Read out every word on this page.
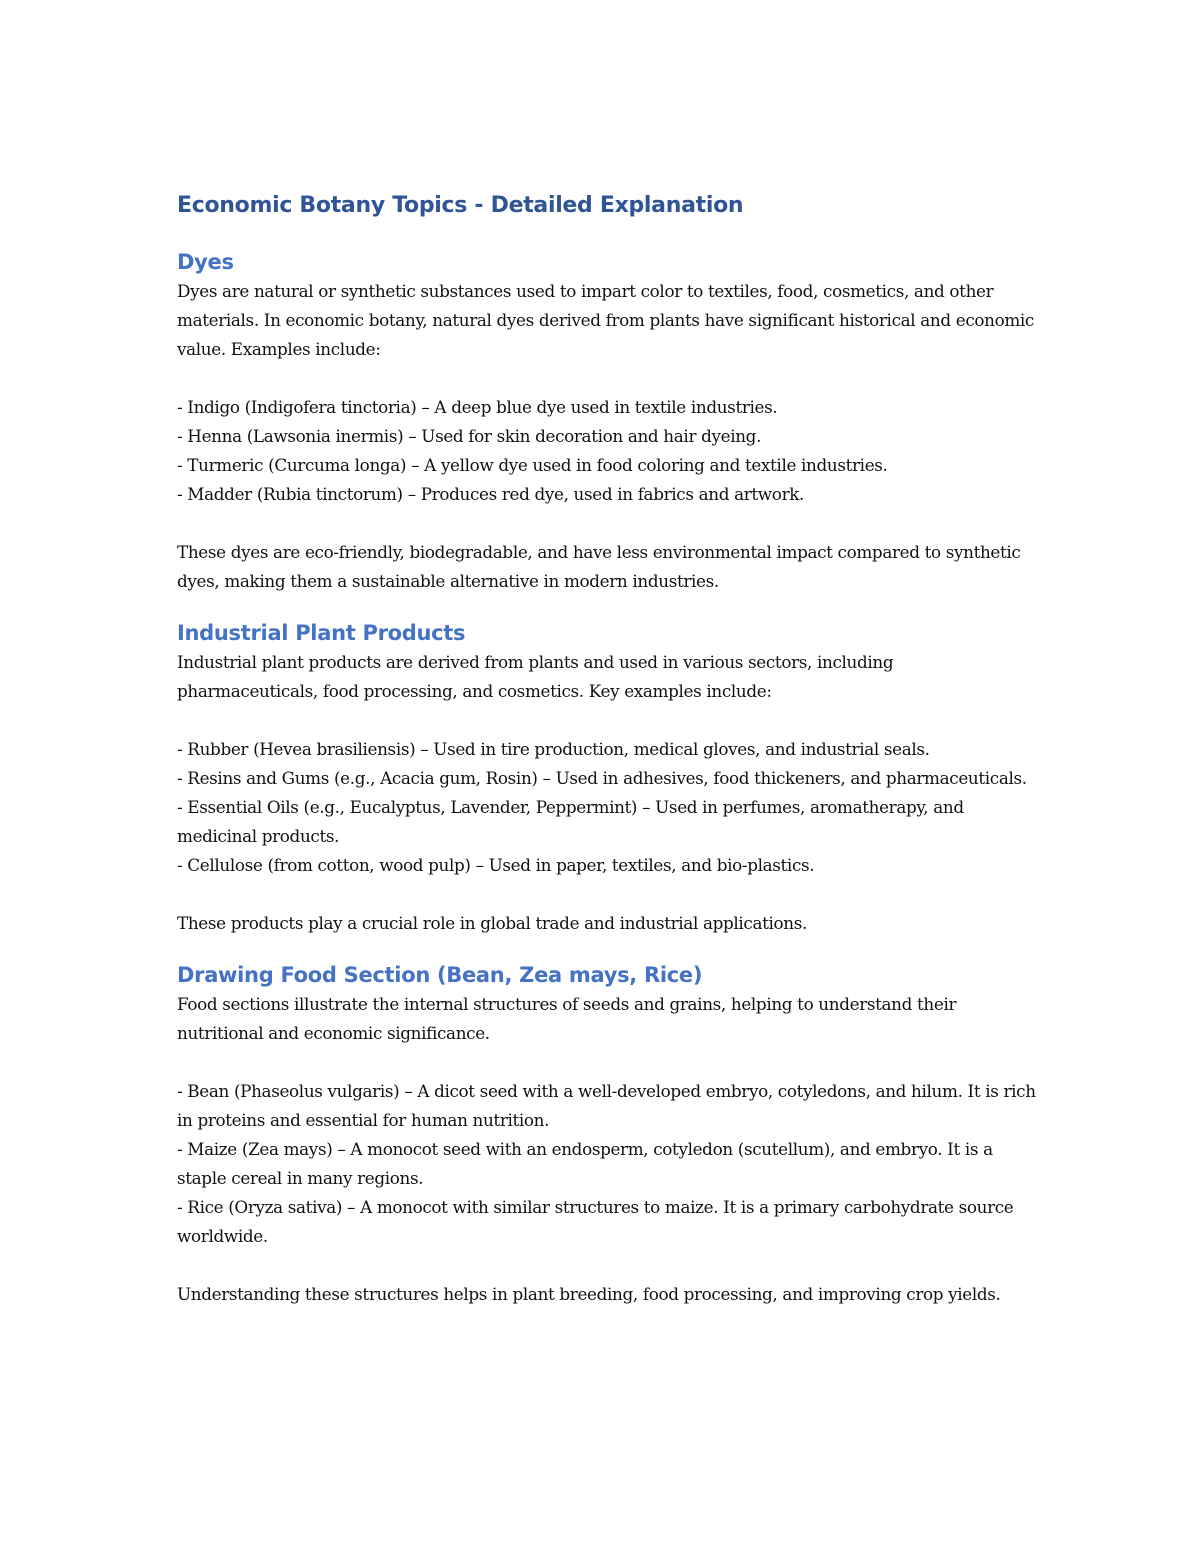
Economic Botany Topics - Detailed Explanation
Dyes

Dyes are natural or synthetic substances used to impart color to textiles, food, cosmetics, and other materials. In economic botany, natural dyes derived from plants have significant historical and economic value. Examples include:

- Indigo (Indigofera tinctoria) – A deep blue dye used in textile industries.
- Henna (Lawsonia inermis) – Used for skin decoration and hair dyeing.
- Turmeric (Curcuma longa) – A yellow dye used in food coloring and textile industries.
- Madder (Rubia tinctorum) – Produces red dye, used in fabrics and artwork.

These dyes are eco-friendly, biodegradable, and have less environmental impact compared to synthetic dyes, making them a sustainable alternative in modern industries.

Industrial Plant Products

Industrial plant products are derived from plants and used in various sectors, including pharmaceuticals, food processing, and cosmetics. Key examples include:

- Rubber (Hevea brasiliensis) – Used in tire production, medical gloves, and industrial seals.
- Resins and Gums (e.g., Acacia gum, Rosin) – Used in adhesives, food thickeners, and pharmaceuticals.
- Essential Oils (e.g., Eucalyptus, Lavender, Peppermint) – Used in perfumes, aromatherapy, and medicinal products.
- Cellulose (from cotton, wood pulp) – Used in paper, textiles, and bio-plastics.

These products play a crucial role in global trade and industrial applications.

Drawing Food Section (Bean, Zea mays, Rice)

Food sections illustrate the internal structures of seeds and grains, helping to understand their nutritional and economic significance.

- Bean (Phaseolus vulgaris) – A dicot seed with a well-developed embryo, cotyledons, and hilum. It is rich in proteins and essential for human nutrition.
- Maize (Zea mays) – A monocot seed with an endosperm, cotyledon (scutellum), and embryo. It is a staple cereal in many regions.
- Rice (Oryza sativa) – A monocot with similar structures to maize. It is a primary carbohydrate source worldwide.

Understanding these structures helps in plant breeding, food processing, and improving crop yields.
